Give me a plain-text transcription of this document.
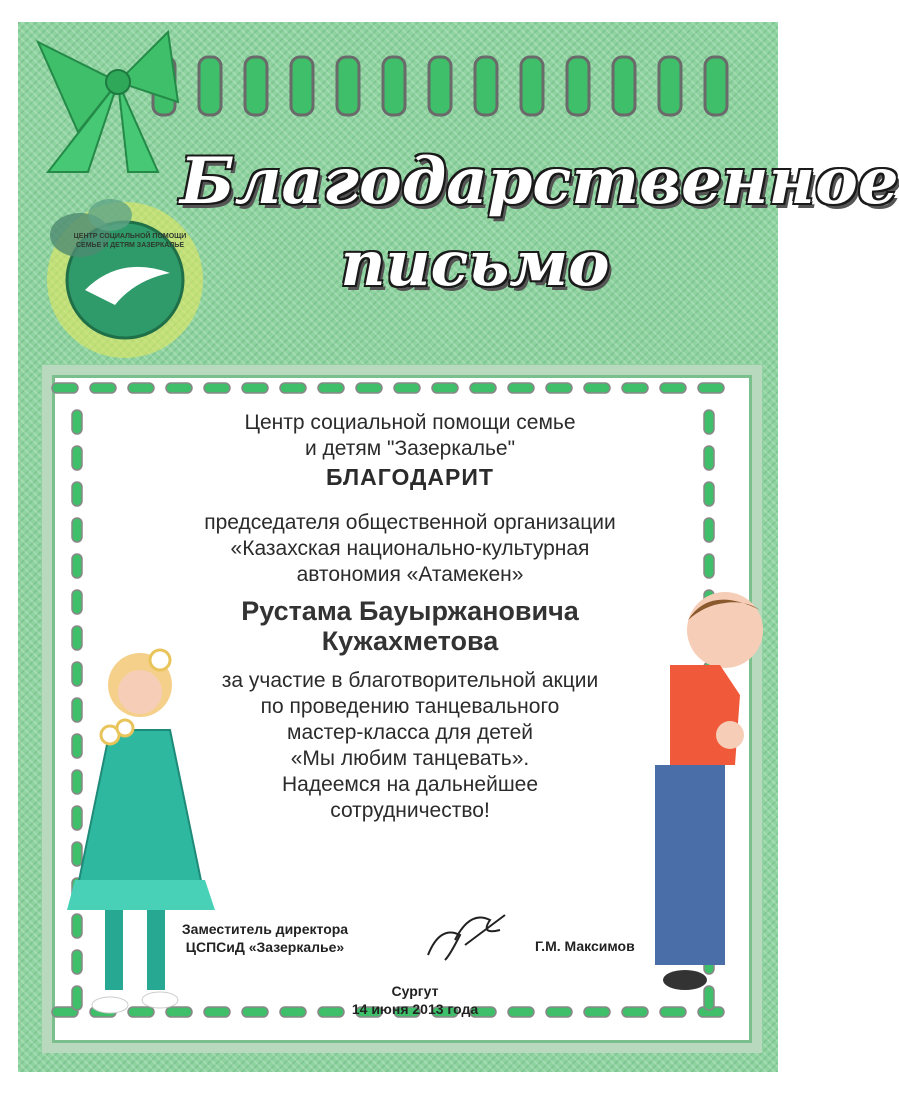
ЦЕНТР СОЦИАЛЬНОЙ ПОМОЩИ СЕМЬЕ И ДЕТЯМ ЗАЗЕРКАЛЬЕ
Благодарственное
письмо

Центр социальной помощи семье

и детям "Зазеркалье"

БЛАГОДАРИТ

председателя общественной организации

«Казахская национально-культурная

автономия «Атамекен»

Рустама Бауыржановича

Кужахметова

за участие в благотворительной акции

по проведению танцевального

мастер-класса для детей

«Мы любим танцевать».

Надеемся на дальнейшее

сотрудничество!

Заместитель директора
ЦСПСиД «Зазеркалье»	Г.М. Максимов
Сургут
14 июня 2013 года
